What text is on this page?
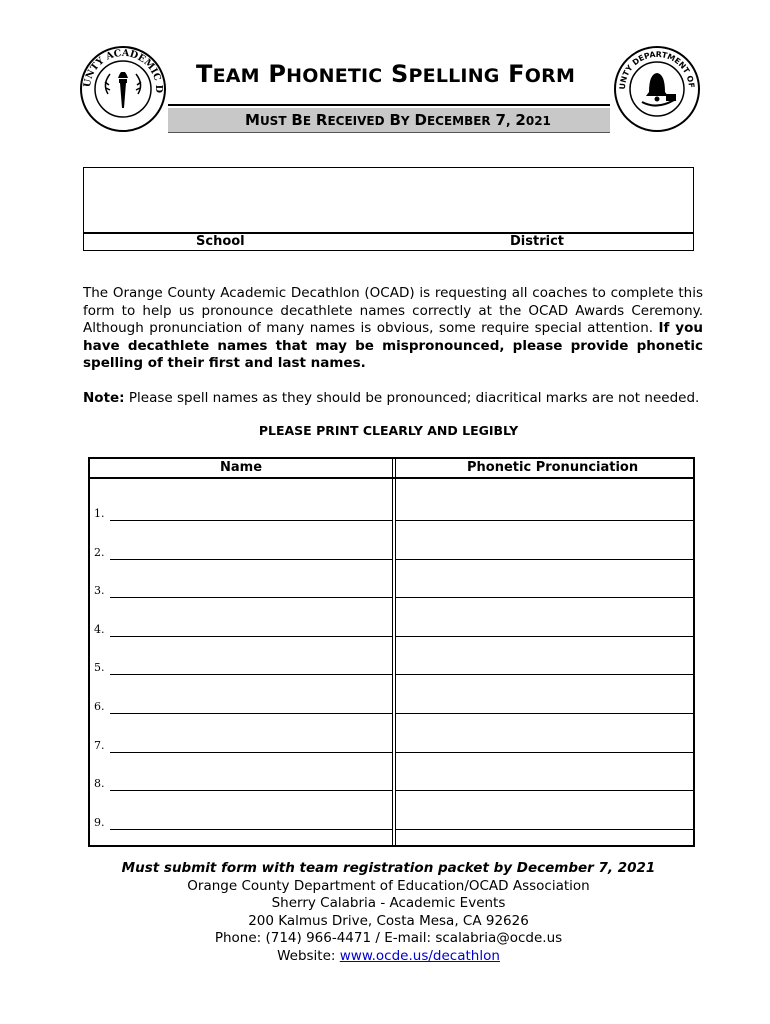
UNTY ACADEMIC D	UNTY DEPARTMENT OF
TEAM PHONETIC SPELLING FORM
MUST BE RECEIVED BY DECEMBER 7, 2021
School	District
The Orange County Academic Decathlon (OCAD) is requesting all coaches to complete this form to help us pronounce decathlete names correctly at the OCAD Awards Ceremony. Although pronunciation of many names is obvious, some require special attention. If you have decathlete names that may be mispronounced, please provide phonetic spelling of their first and last names.
Note: Please spell names as they should be pronounced; diacritical marks are not needed.
PLEASE PRINT CLEARLY AND LEGIBLY
Name	Phonetic Pronunciation
1.
2.
3.
4.
5.
6.
7.
8.
9.
Must submit form with team registration packet by December 7, 2021
Orange County Department of Education/OCAD Association
Sherry Calabria - Academic Events
200 Kalmus Drive, Costa Mesa, CA 92626
Phone: (714) 966-4471 / E-mail: scalabria@ocde.us
Website: www.ocde.us/decathlon
